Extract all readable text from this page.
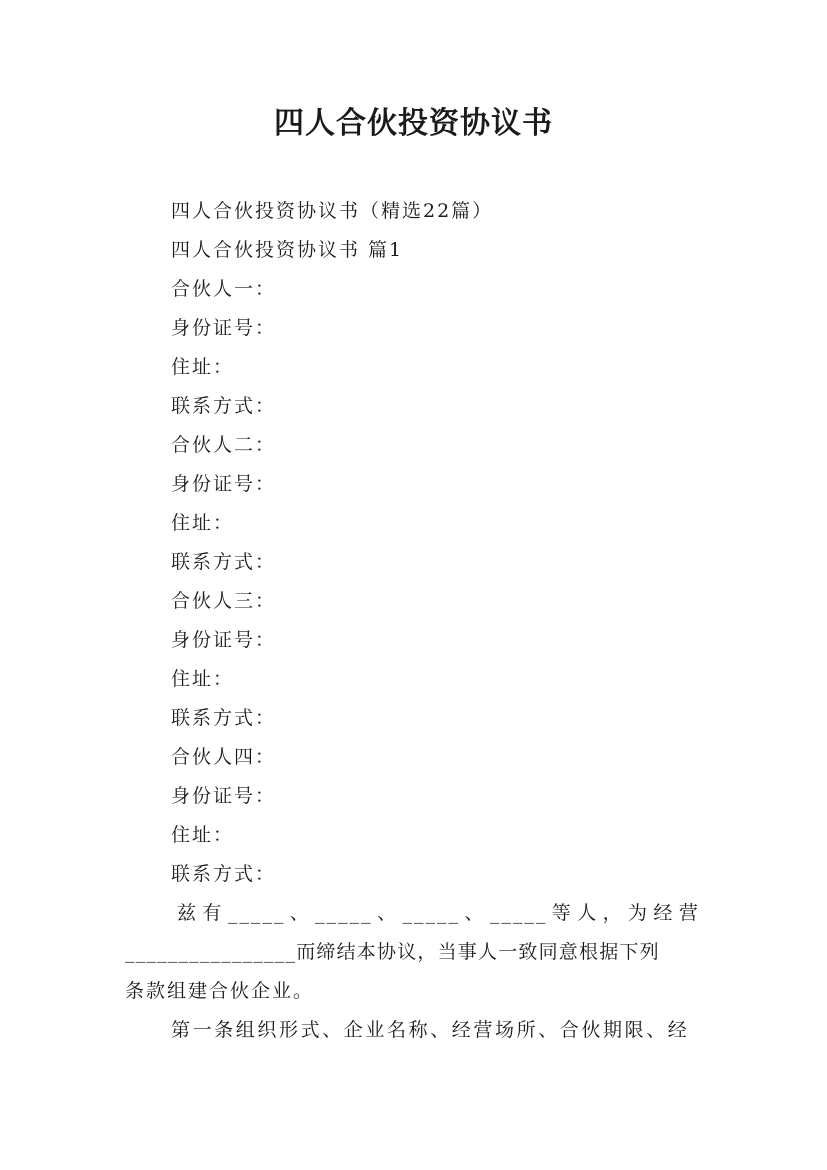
四人合伙投资协议书
四人合伙投资协议书（精选22篇）
四人合伙投资协议书 篇1
合伙人一：
身份证号：
住址：
联系方式：
合伙人二：
身份证号：
住址：
联系方式：
合伙人三：
身份证号：
住址：
联系方式：
合伙人四：
身份证号：
住址：
联系方式：
兹 有 _____ 、 _____ 、 _____ 、 _____ 等 人 ， 为 经 营
________________而缔结本协议，当事人一致同意根据下列
条款组建合伙企业。
第一条组织形式、企业名称、经营场所、合伙期限、经
